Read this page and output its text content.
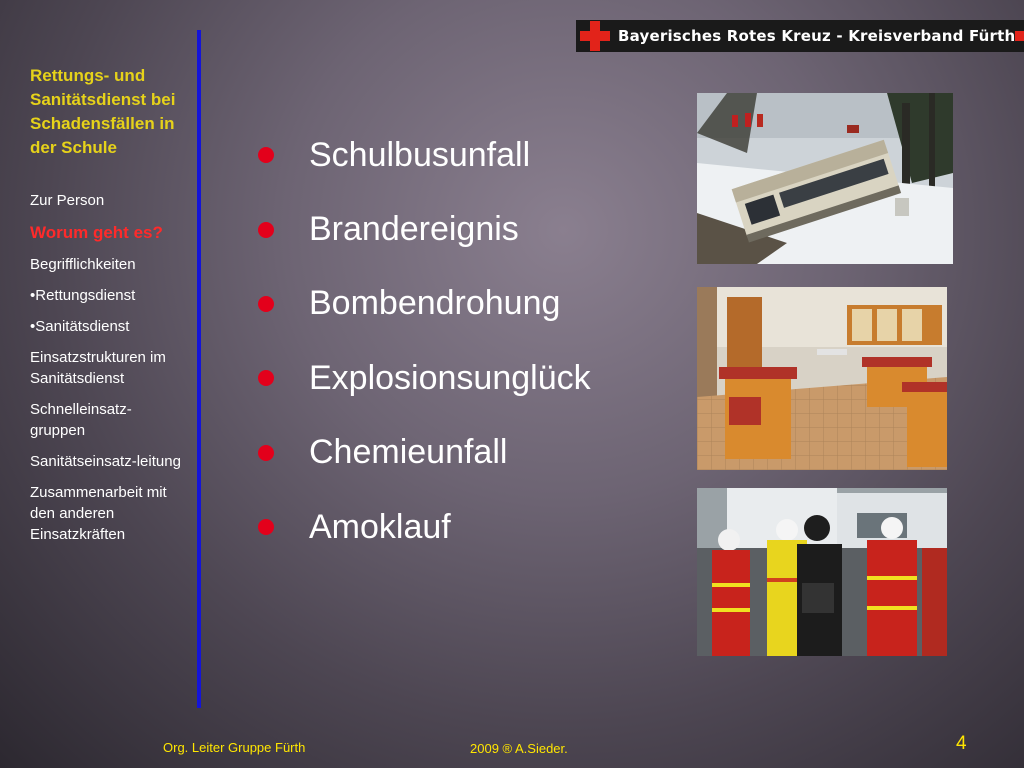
Bayerisches Rotes Kreuz - Kreisverband Fürth
Rettungs- und Sanitätsdienst bei Schadensfällen in der Schule
Zur Person
Worum geht es?
Begrifflichkeiten
•Rettungsdienst
•Sanitätsdienst
Einsatzstrukturen im Sanitätsdienst
Schnelleinsatz-gruppen
Sanitätseinsatz-leitung
Zusammenarbeit mit den anderen Einsatzkräften
Schulbusunfall
Brandereignis
Bombendrohung
Explosionsunglück
Chemieunfall
Amoklauf
Org. Leiter Gruppe Fürth	2009 ® A.Sieder.	4
